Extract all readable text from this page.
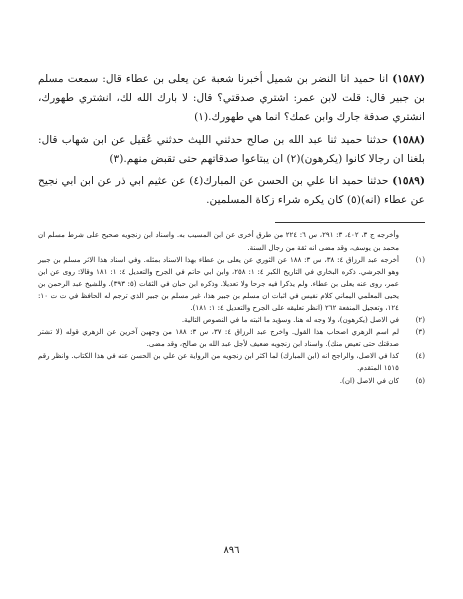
(١٥٨٧) انا حميد انا النضر بن شميل أخبرنا شعبة عن يعلى بن عطاء قال: سمعت مسلم بن جبير قال: قلت لابن عمر: اشتري صدقتي؟ قال: لا بارك الله لك، انشتري طهورك، انشتري صدقة جارك وابن عمك؟ انما هي طهورك.(١)

(١٥٨٨) حدثنا حميد ثنا عبد الله بن صالح حدثني الليث حدثني عُقيل عن ابن شهاب قال: بلغنا ان رجالا كانوا (يكرهون)(٢) ان يبتاعوا صدقاتهم حتى تقبض منهم.(٣)

(١٥٨٩) حدثنا حميد انا علي بن الحسن عن المبارك(٤) عن عثيم ابي ذر عن ابن ابي نجيح عن عطاء (انه)(٥) كان يكره شراء زكاة المسلمين.

وأخرجه ج ٣، ٤٠٢، ٣: ٢٩١، س ٦: ٢٢٤ من طرق أخرى عن ابن المسيب به. واسناد ابن زنجويه صحيح على شرط مسلم ان محمد بن يوسف، وقد مضى انه ثقة من رجال السنة.
(١)
أخرجه عبد الرزاق ٤: ٣٨، س ٣: ١٨٨ عن الثوري عن يعلى بن عطاء بهذا الاسناد بمثله. وفي اسناد هذا الاثر مسلم بن جبير وهو الجرشي. ذكره البخاري في التاريخ الكبر ٤: ١: ٢٥٨، وابن ابي حاتم في الجرح والتعديل ٤: ١: ١٨١ وقالا: روى عن ابن عمر، روى عنه يعلى بن عطاء. ولم يذكرا فيه جرحا ولا تعديلا. وذكره ابن حبان في الثقات (٥: ٣٩٣). وللشيخ عبد الرحمن بن يحيى المعلمي اليماني كلام نفيس في اثبات ان مسلم بن جبير هذا، غير مسلم بن جبير الذي ترجم له الحافظ في ت ت ١٠: ١٢٤، وتعجيل المنفعة ٢٦٢ (انظر تعليقه على الجرح والتعديل ٤: ١: ١٨١).
(٢)
في الاصل (يكرهون)، ولا وجه له هنا. وسؤيد ما اثبته ما في النصوص التالية.
(٣)
لم اسم الزهري اصحاب هذا القول. واخرج عبد الرزاق ٤: ٣٧، س ٣: ١٨٨ من وجهين آخرين عن الزهري قوله (لا تشتر صدقتك حتى تعيض منك). واسناد ابن زنجويه ضعيف لأجل عبد الله بن صالح، وقد مضى.
(٤)
كذا في الاصل، والراجح انه (ابن المبارك) لما اكثر ابن زنجويه من الرواية عن علي بن الحسن عنه في هذا الكتاب. وانظر رقم ١٥١٥ المتقدم.
(٥)
كان في الاصل (ان).
٨٩٦
